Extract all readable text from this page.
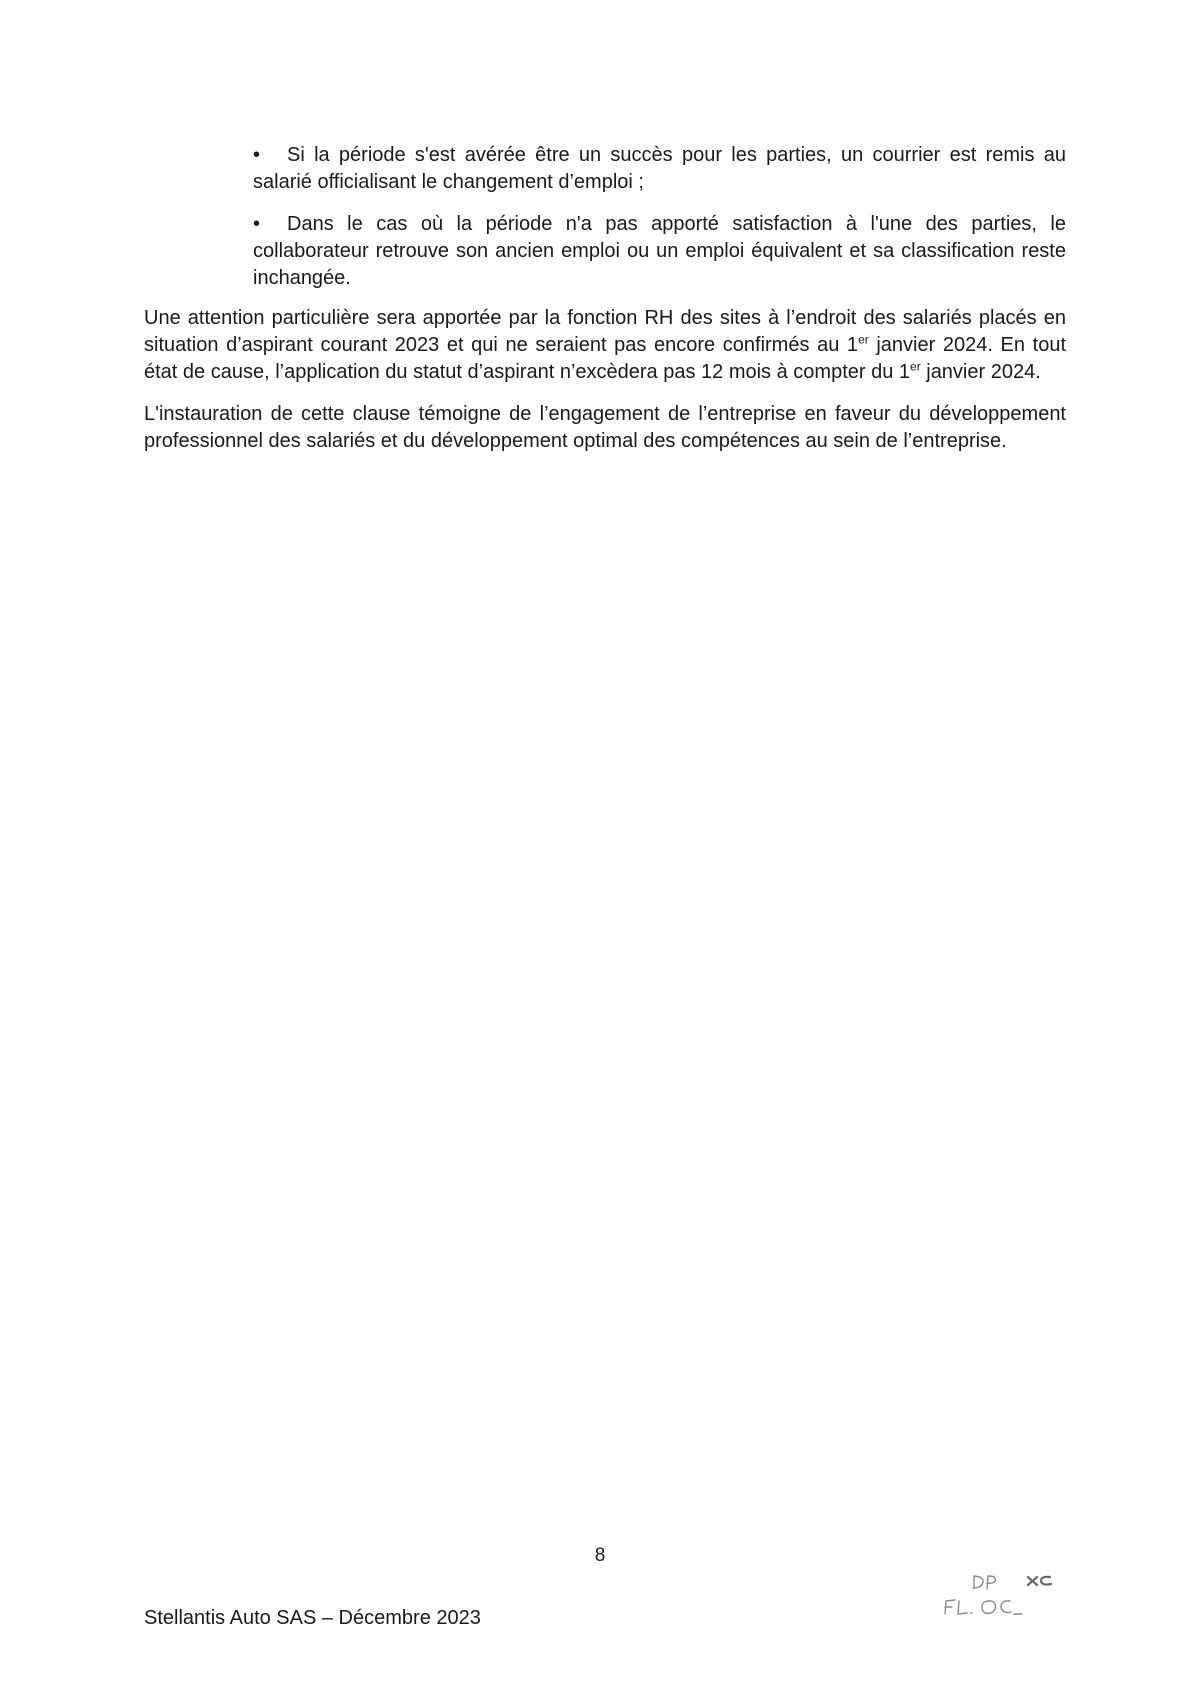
• Si la période s'est avérée être un succès pour les parties, un courrier est remis au salarié officialisant le changement d’emploi ;
• Dans le cas où la période n'a pas apporté satisfaction à l'une des parties, le collaborateur retrouve son ancien emploi ou un emploi équivalent et sa classification reste inchangée.

Une attention particulière sera apportée par la fonction RH des sites à l’endroit des salariés placés en situation d’aspirant courant 2023 et qui ne seraient pas encore confirmés au 1er janvier 2024. En tout état de cause, l’application du statut d’aspirant n’excèdera pas 12 mois à compter du 1er janvier 2024.

L'instauration de cette clause témoigne de l’engagement de l’entreprise en faveur du développement professionnel des salariés et du développement optimal des compétences au sein de l’entreprise.

8
Stellantis Auto SAS – Décembre 2023
